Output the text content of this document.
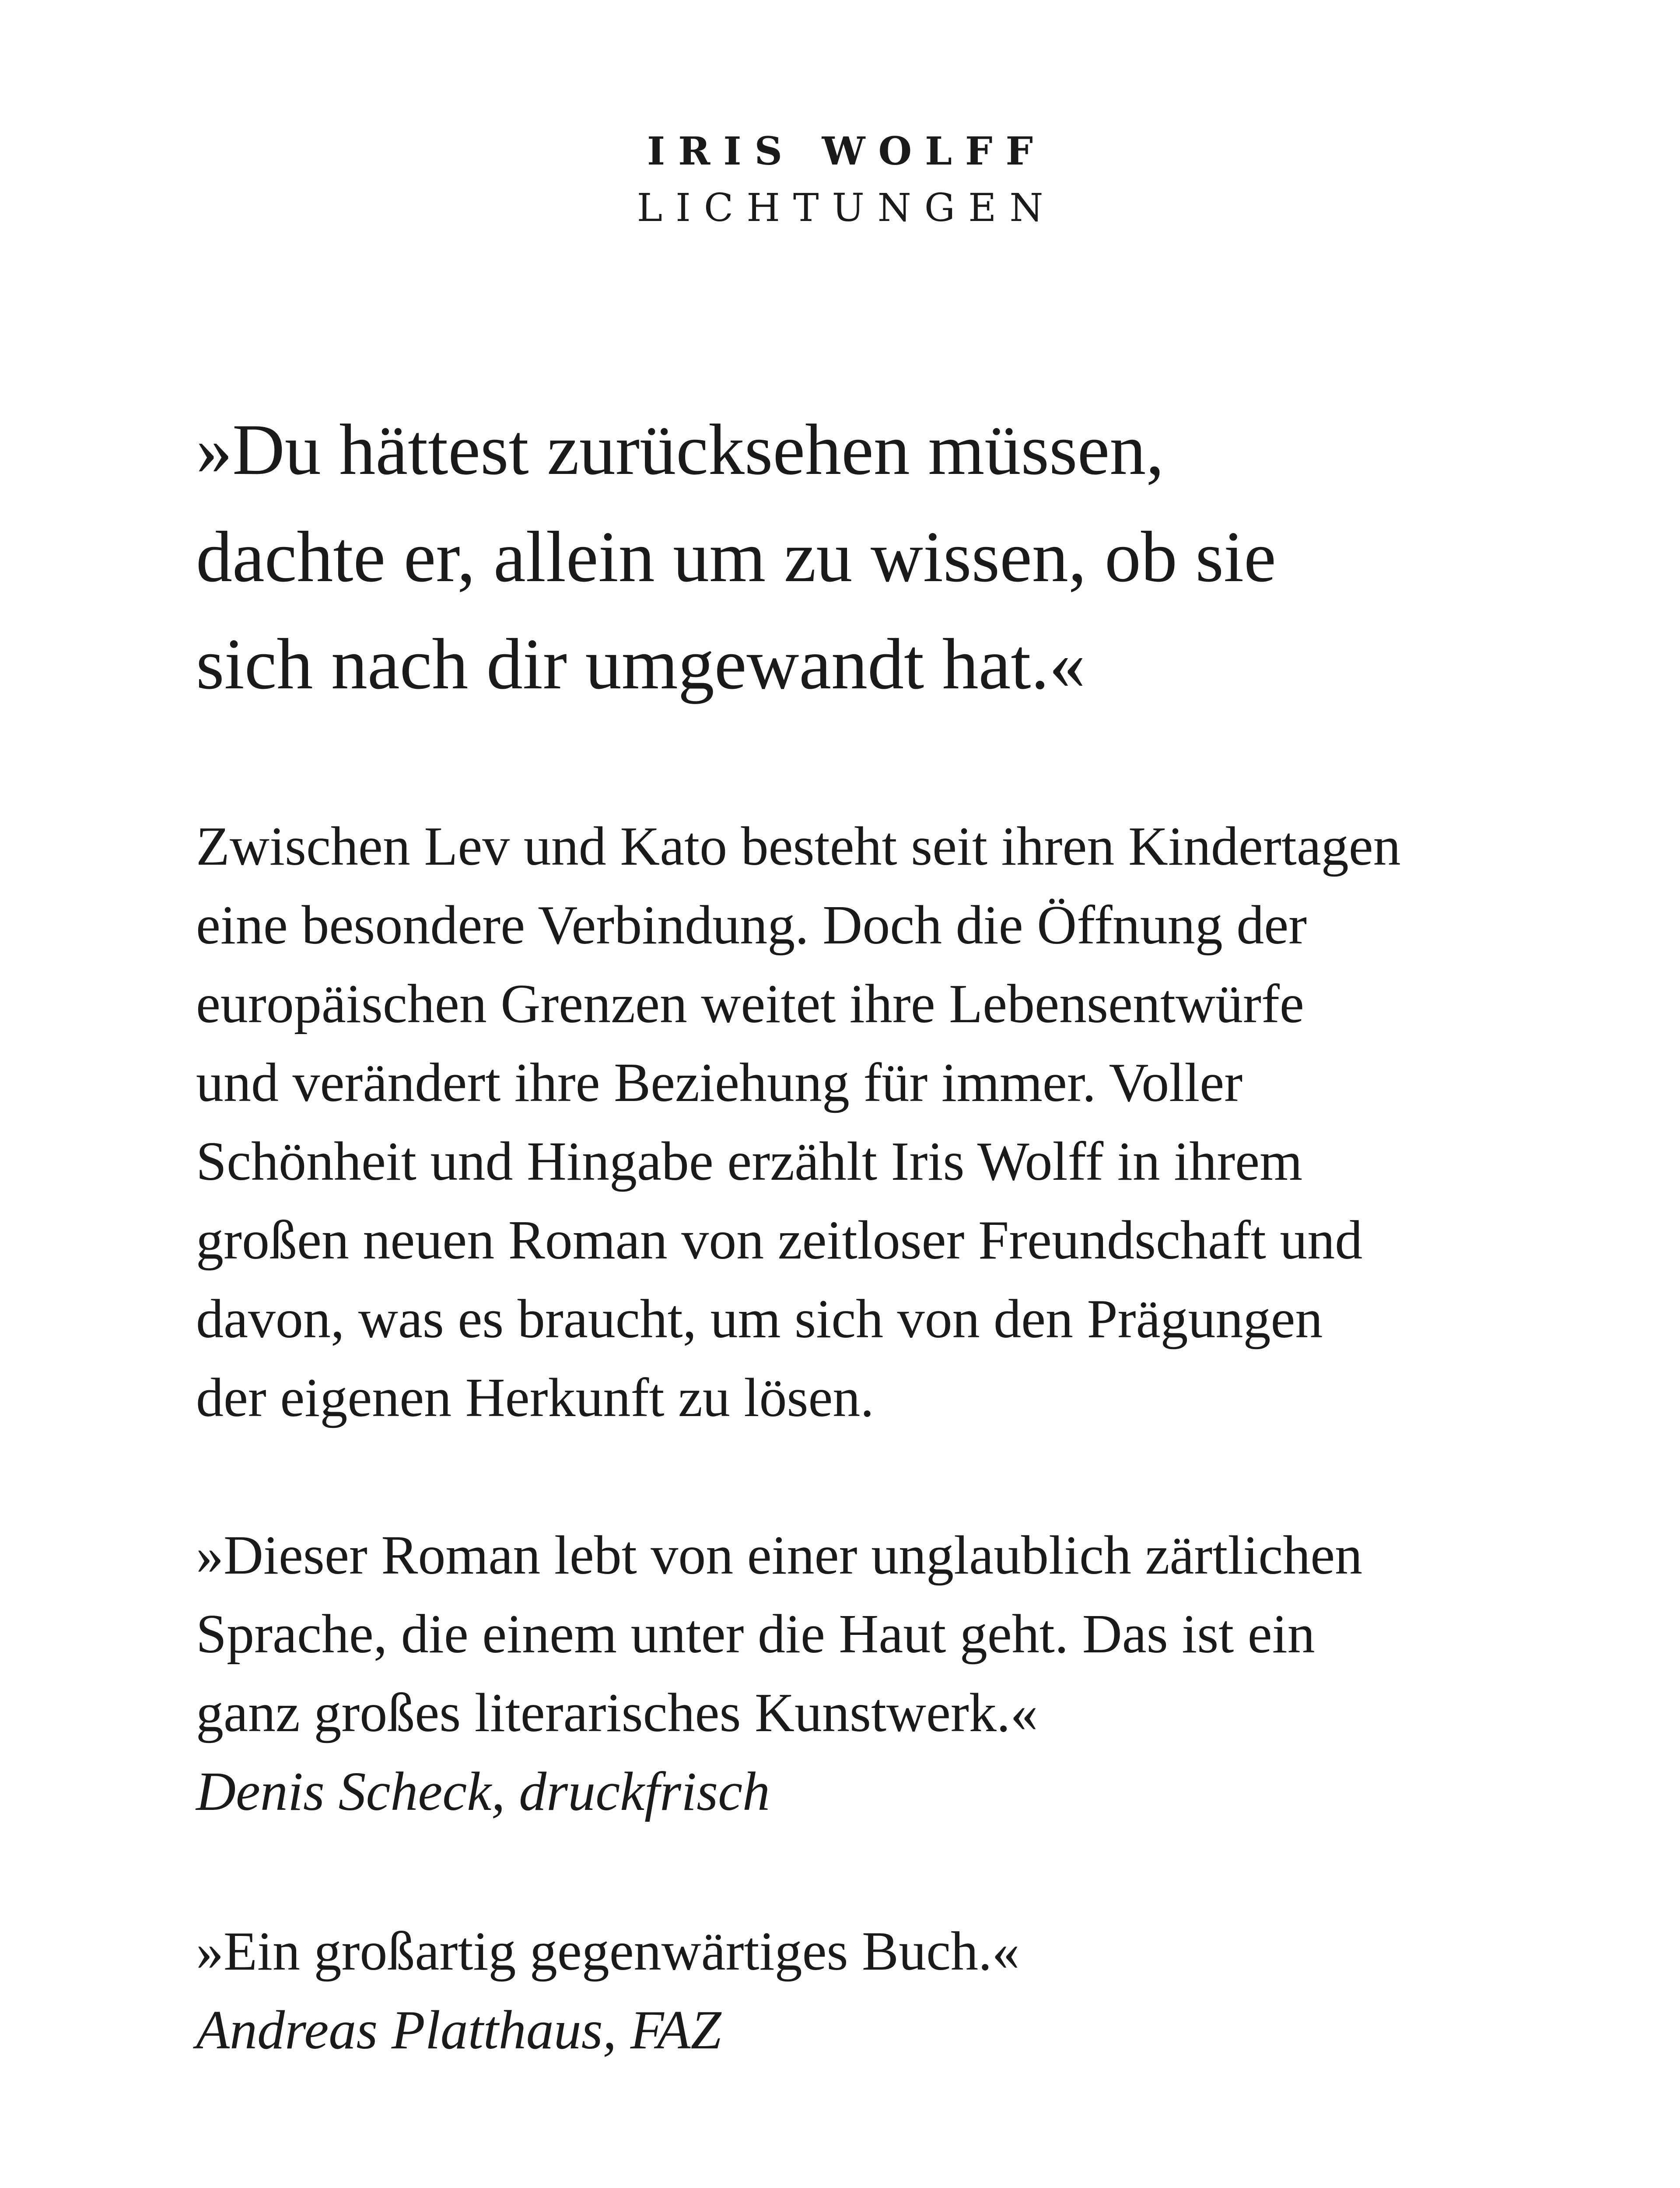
IRIS WOLFF
LICHTUNGEN
»Du hättest zurücksehen müssen,
dachte er, allein um zu wissen, ob sie
sich nach dir umgewandt hat.«
Zwischen Lev und Kato besteht seit ihren Kindertagen
eine besondere Verbindung. Doch die Öffnung der
europäischen Grenzen weitet ihre Lebensentwürfe
und verändert ihre Beziehung für immer. Voller
Schönheit und Hingabe erzählt Iris Wolff in ihrem
großen neuen Roman von zeitloser Freundschaft und
davon, was es braucht, um sich von den Prägungen
der eigenen Herkunft zu lösen.
»Dieser Roman lebt von einer unglaublich zärtlichen
Sprache, die einem unter die Haut geht. Das ist ein
ganz großes literarisches Kunstwerk.«
Denis Scheck, druckfrisch
»Ein großartig gegenwärtiges Buch.«
Andreas Platthaus, FAZ
